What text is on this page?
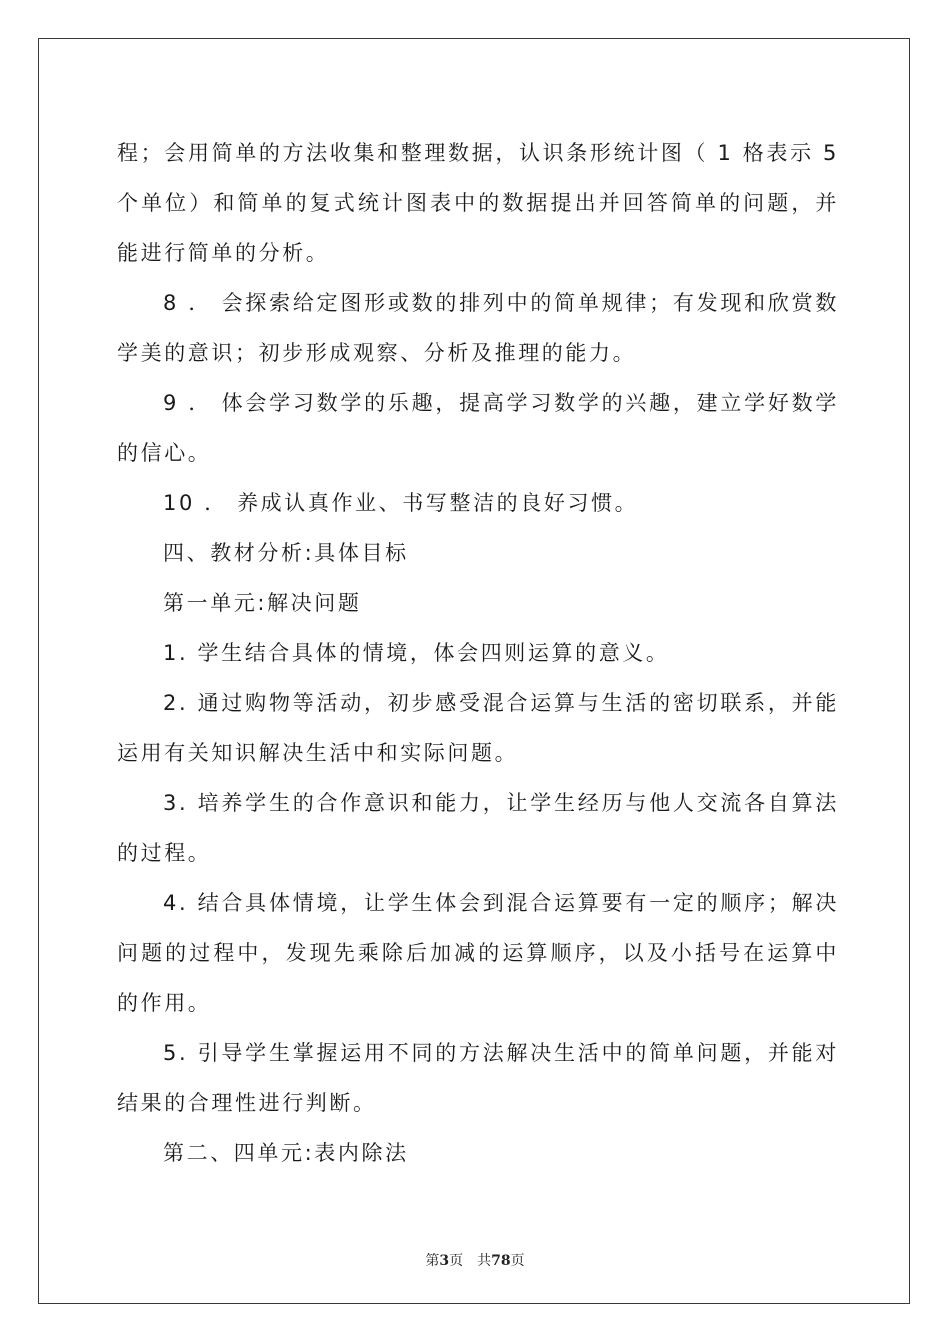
程；会用简单的方法收集和整理数据，认识条形统计图（ 1 格表示 5 个单位）和简单的复式统计图表中的数据提出并回答简单的问题，并能进行简单的分析。

8 ． 会探索给定图形或数的排列中的简单规律；有发现和欣赏数学美的意识；初步形成观察、分析及推理的能力。

9 ． 体会学习数学的乐趣，提高学习数学的兴趣，建立学好数学的信心。

10 ． 养成认真作业、书写整洁的良好习惯。

四、教材分析:具体目标

第一单元:解决问题

1. 学生结合具体的情境，体会四则运算的意义。

2. 通过购物等活动，初步感受混合运算与生活的密切联系，并能运用有关知识解决生活中和实际问题。

3. 培养学生的合作意识和能力，让学生经历与他人交流各自算法的过程。

4. 结合具体情境，让学生体会到混合运算要有一定的顺序；解决问题的过程中，发现先乘除后加减的运算顺序，以及小括号在运算中的作用。

5. 引导学生掌握运用不同的方法解决生活中的简单问题，并能对结果的合理性进行判断。

第二、四单元:表内除法

第3页 共78页
